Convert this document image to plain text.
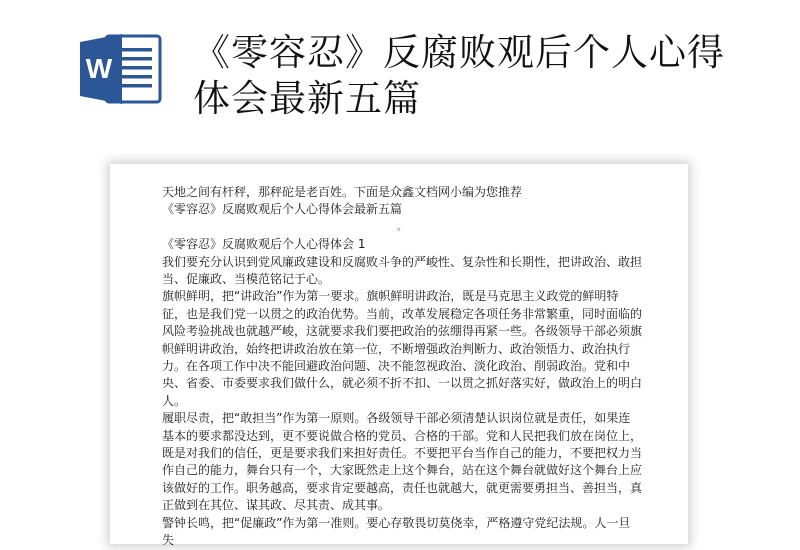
W 《零容忍》反腐败观后个人心得体会最新五篇

天地之间有杆秤，那秤砣是老百姓。下面是众鑫文档网小编为您推荐

《零容忍》反腐败观后个人心得体会最新五篇

。

《零容忍》反腐败观后个人心得体会 1

我们要充分认识到党风廉政建设和反腐败斗争的严峻性、复杂性和长期性，把讲政治、敢担当、促廉政、当模范铭记于心。

旗帜鲜明，把“讲政治”作为第一要求。旗帜鲜明讲政治，既是马克思主义政党的鲜明特征，也是我们党一以贯之的政治优势。当前，改革发展稳定各项任务非常繁重，同时面临的风险考验挑战也就越严峻，这就要求我们要把政治的弦绷得再紧一些。各级领导干部必须旗帜鲜明讲政治，始终把讲政治放在第一位，不断增强政治判断力、政治领悟力、政治执行力。在各项工作中决不能回避政治问题、决不能忽视政治、淡化政治、削弱政治。党和中央、省委、市委要求我们做什么，就必须不折不扣、一以贯之抓好落实好，做政治上的明白人。

履职尽责，把“敢担当”作为第一原则。各级领导干部必须清楚认识岗位就是责任，如果连基本的要求都没达到，更不要说做合格的党员、合格的干部。党和人民把我们放在岗位上，既是对我们的信任，更是要求我们来担好责任。不要把平台当作自己的能力，不要把权力当作自己的能力，舞台只有一个，大家既然走上这个舞台，站在这个舞台就做好这个舞台上应该做好的工作。职务越高，要求肯定要越高，责任也就越大，就更需要勇担当、善担当，真正做到在其位、谋其政、尽其责、成其事。

警钟长鸣，把“促廉政”作为第一准则。要心存敬畏切莫侥幸，严格遵守党纪法规。人一旦失
